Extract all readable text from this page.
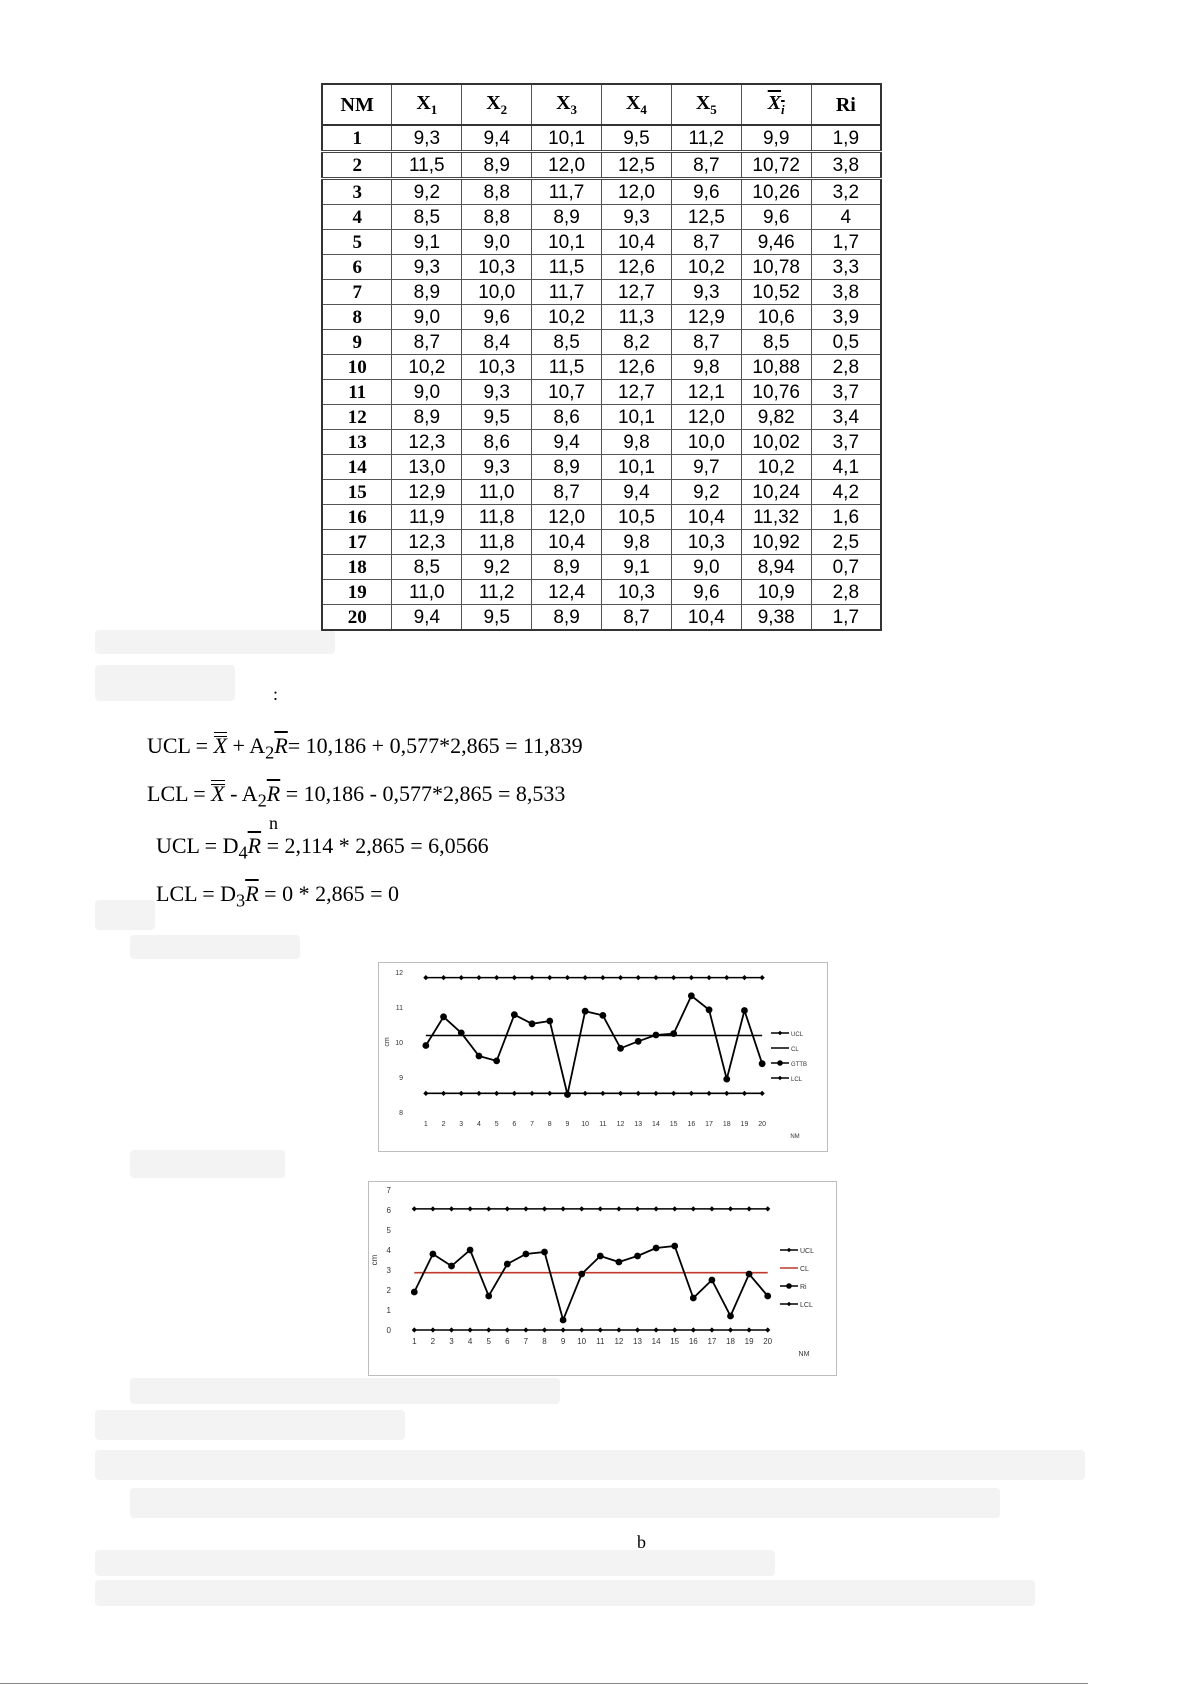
NM	$X_1$	$X_2$	$X_3$	$X_4$	$X_5$	$X_i$	Ri
1	9,3	9,4	10,1	9,5	11,2	9,9	1,9
2	11,5	8,9	12,0	12,5	8,7	10,72	3,8
3	9,2	8,8	11,7	12,0	9,6	10,26	3,2
4	8,5	8,8	8,9	9,3	12,5	9,6	4
5	9,1	9,0	10,1	10,4	8,7	9,46	1,7
6	9,3	10,3	11,5	12,6	10,2	10,78	3,3
7	8,9	10,0	11,7	12,7	9,3	10,52	3,8
8	9,0	9,6	10,2	11,3	12,9	10,6	3,9
9	8,7	8,4	8,5	8,2	8,7	8,5	0,5
10	10,2	10,3	11,5	12,6	9,8	10,88	2,8
11	9,0	9,3	10,7	12,7	12,1	10,76	3,7
12	8,9	9,5	8,6	10,1	12,0	9,82	3,4
13	12,3	8,6	9,4	9,8	10,0	10,02	3,7
14	13,0	9,3	8,9	10,1	9,7	10,2	4,1
15	12,9	11,0	8,7	9,4	9,2	10,24	4,2
16	11,9	11,8	12,0	10,5	10,4	11,32	1,6
17	12,3	11,8	10,4	9,8	10,3	10,92	2,5
18	8,5	9,2	8,9	9,1	9,0	8,94	0,7
19	11,0	11,2	12,4	10,3	9,6	10,9	2,8
20	9,4	9,5	8,9	8,7	10,4	9,38	1,7
:
n
b
UCL = $X + A_2\overline{R}= 10,186 + 0,577*2,865 = 11,839$
LCL = $X - A_2\overline{R} = 10,186 - 0,577*2,865 = 8,533$
UCL = $D_4\overline{R} = 2,114 * 2,865 = 6,0566$
LCL = $D_3\overline{R} = 0 * 2,865 = 0$
8
9
10
11
12
cm
1 2 3 4 5 6 7 8 9 10 11 12 13 14 15 16 17 18 19 20
NM
UCL
CL
GTTB
LCL
0
1
2
3
4
5
6
7
cm
1 2 3 4 5 6 7 8 9 10 11 12 13 14 15 16 17 18 19 20
NM
UCL
CL
Ri
LCL
